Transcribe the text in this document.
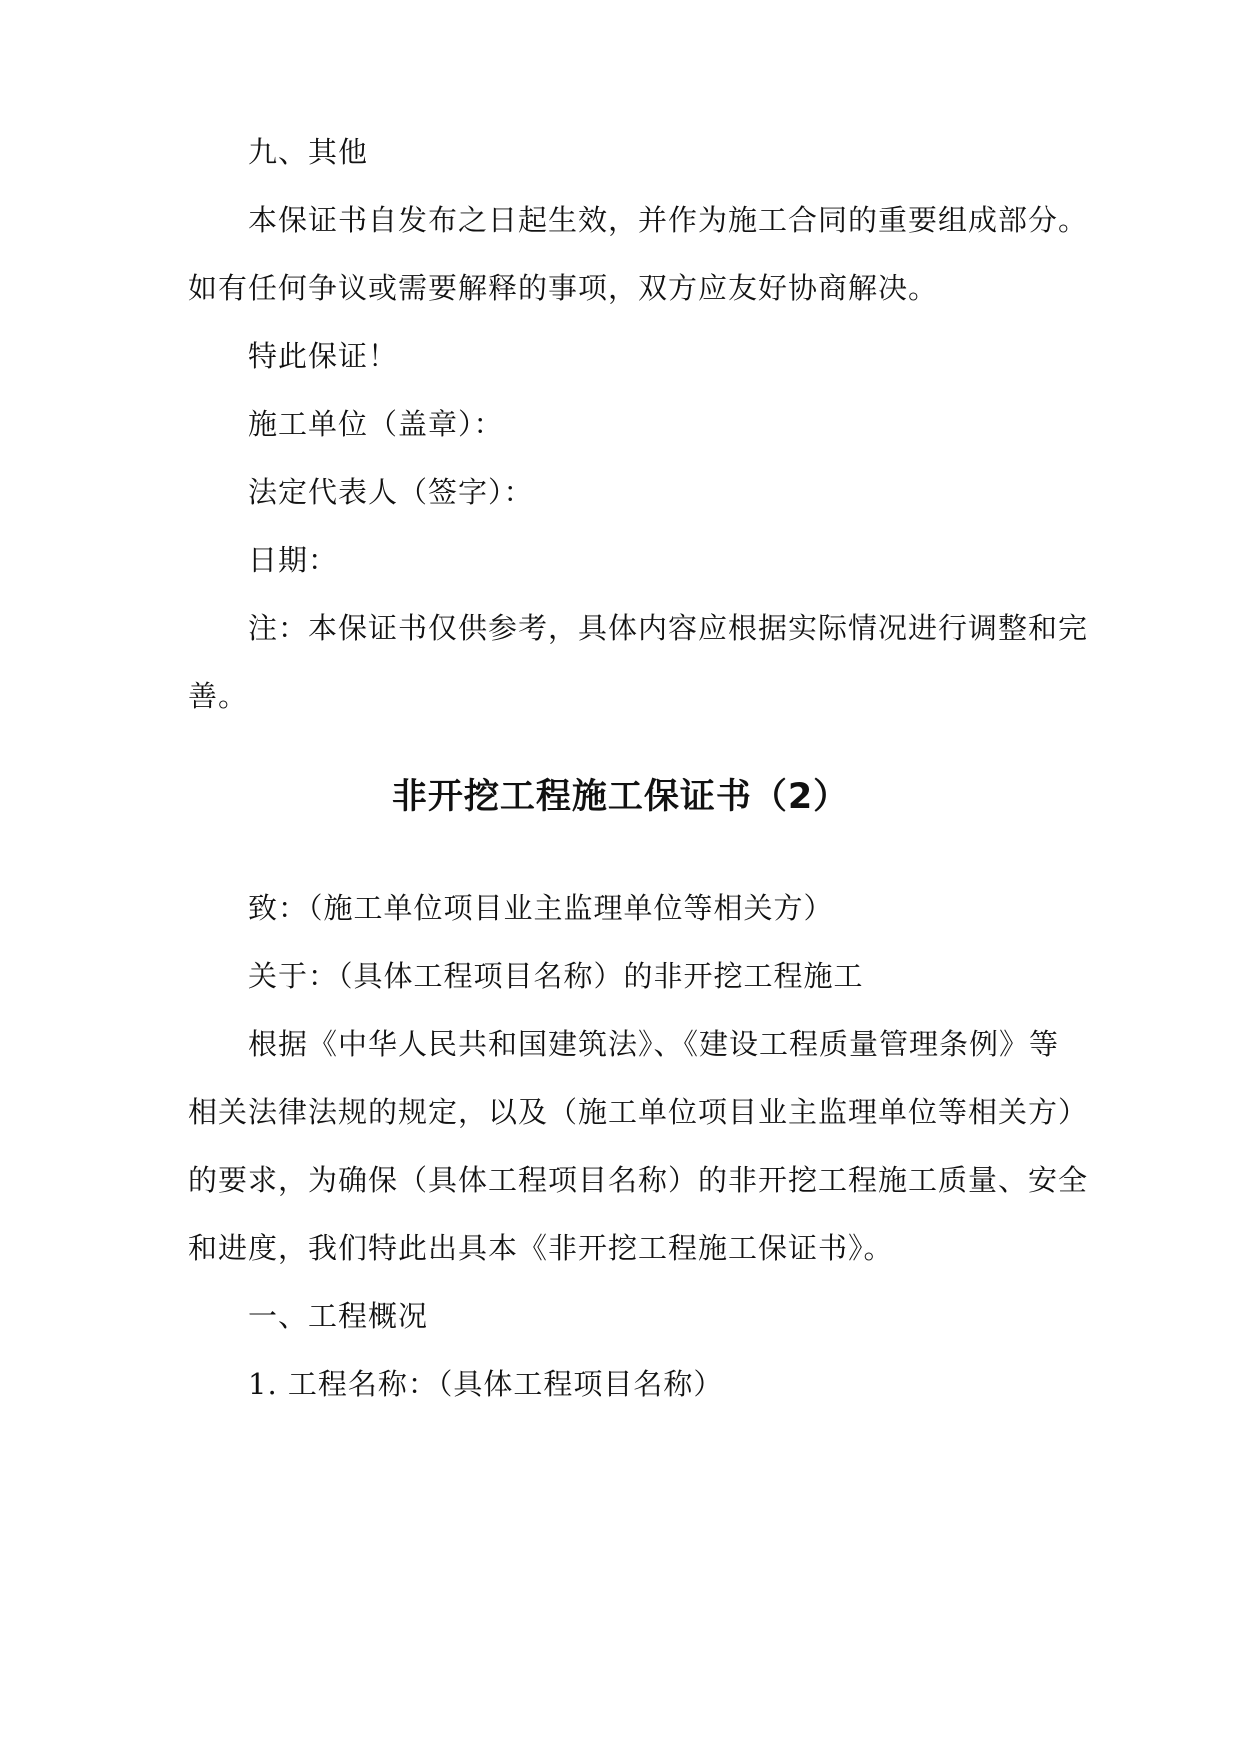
九、其他
本保证书自发布之日起生效，并作为施工合同的重要组成部分。
如有任何争议或需要解释的事项，双方应友好协商解决。
特此保证！
施工单位（盖章）：
法定代表人（签字）：
日期：
注：本保证书仅供参考，具体内容应根据实际情况进行调整和完
善。
非开挖工程施工保证书（2）
致：（施工单位项目业主监理单位等相关方）
关于：（具体工程项目名称）的非开挖工程施工
根据《中华人民共和国建筑法》、《建设工程质量管理条例》等
相关法律法规的规定，以及（施工单位项目业主监理单位等相关方）
的要求，为确保（具体工程项目名称）的非开挖工程施工质量、安全
和进度，我们特此出具本《非开挖工程施工保证书》。
一、工程概况
1. 工程名称：（具体工程项目名称）
